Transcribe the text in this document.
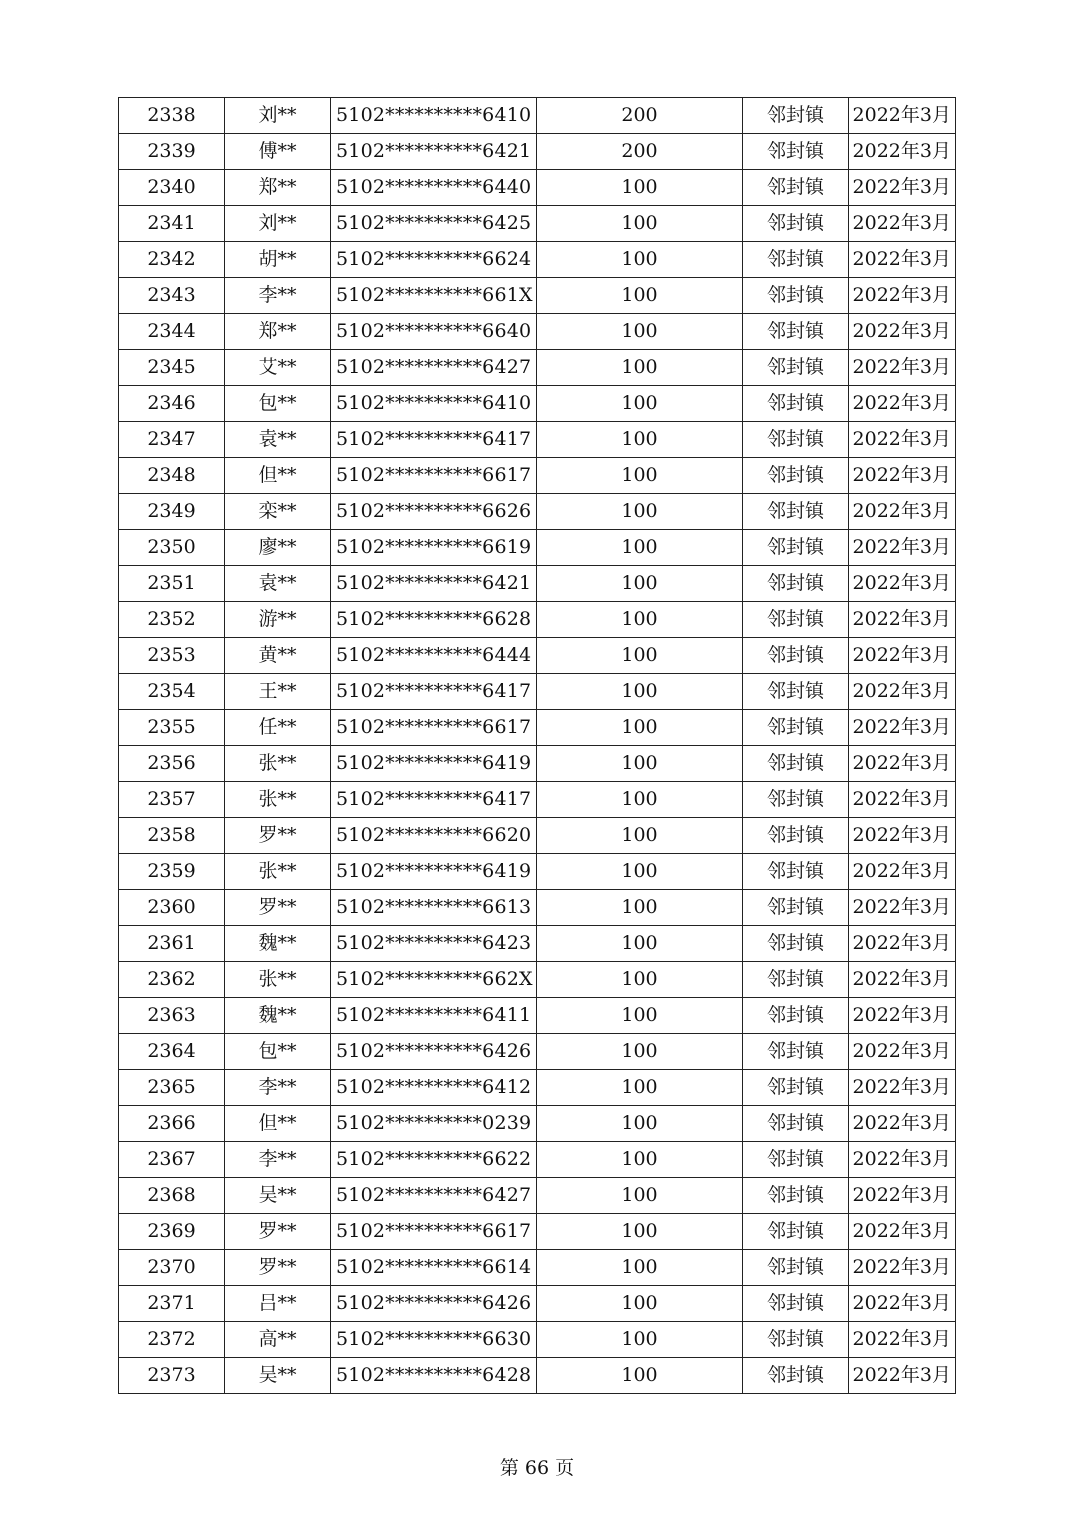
2338	刘**	5102**********6410	200	邻封镇	2022年3月
2339	傅**	5102**********6421	200	邻封镇	2022年3月
2340	郑**	5102**********6440	100	邻封镇	2022年3月
2341	刘**	5102**********6425	100	邻封镇	2022年3月
2342	胡**	5102**********6624	100	邻封镇	2022年3月
2343	李**	5102**********661X	100	邻封镇	2022年3月
2344	郑**	5102**********6640	100	邻封镇	2022年3月
2345	艾**	5102**********6427	100	邻封镇	2022年3月
2346	包**	5102**********6410	100	邻封镇	2022年3月
2347	袁**	5102**********6417	100	邻封镇	2022年3月
2348	但**	5102**********6617	100	邻封镇	2022年3月
2349	栾**	5102**********6626	100	邻封镇	2022年3月
2350	廖**	5102**********6619	100	邻封镇	2022年3月
2351	袁**	5102**********6421	100	邻封镇	2022年3月
2352	游**	5102**********6628	100	邻封镇	2022年3月
2353	黄**	5102**********6444	100	邻封镇	2022年3月
2354	王**	5102**********6417	100	邻封镇	2022年3月
2355	任**	5102**********6617	100	邻封镇	2022年3月
2356	张**	5102**********6419	100	邻封镇	2022年3月
2357	张**	5102**********6417	100	邻封镇	2022年3月
2358	罗**	5102**********6620	100	邻封镇	2022年3月
2359	张**	5102**********6419	100	邻封镇	2022年3月
2360	罗**	5102**********6613	100	邻封镇	2022年3月
2361	魏**	5102**********6423	100	邻封镇	2022年3月
2362	张**	5102**********662X	100	邻封镇	2022年3月
2363	魏**	5102**********6411	100	邻封镇	2022年3月
2364	包**	5102**********6426	100	邻封镇	2022年3月
2365	李**	5102**********6412	100	邻封镇	2022年3月
2366	但**	5102**********0239	100	邻封镇	2022年3月
2367	李**	5102**********6622	100	邻封镇	2022年3月
2368	吴**	5102**********6427	100	邻封镇	2022年3月
2369	罗**	5102**********6617	100	邻封镇	2022年3月
2370	罗**	5102**********6614	100	邻封镇	2022年3月
2371	吕**	5102**********6426	100	邻封镇	2022年3月
2372	高**	5102**********6630	100	邻封镇	2022年3月
2373	吴**	5102**********6428	100	邻封镇	2022年3月
第 66 页
